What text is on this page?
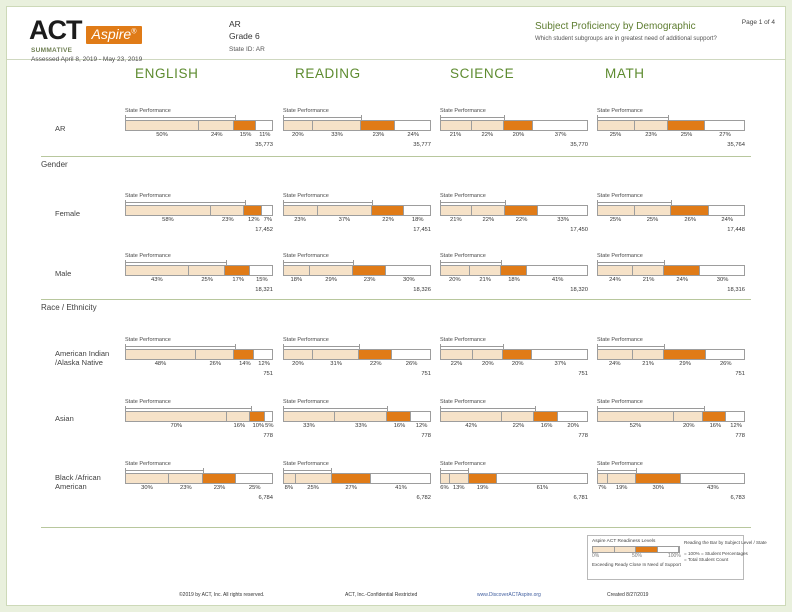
ACT Aspire®
SUMMATIVE
Assessed April 8, 2019 - May 23, 2019
AR
Grade 6
State ID: AR
Subject Proficiency by Demographic
Which student subgroups are in greatest need of additional support?
Page 1 of 4
ENGLISH	READING	SCIENCE	MATH
AR
State Performance
50%	24%	15% 11%
35,773
State Performance
20%	33%	23%	24%
35,777
State Performance
21%	22%	20%	37%
35,770
State Performance
25%	23%	25%	27%
35,764
Gender
Female
State Performance
58%	23% 12% 7%
17,452
State Performance
23%	37%	22%	18%
17,451
State Performance
21%	22%	22%	33%
17,450
State Performance
25%	25%	26%	24%
17,448
Male
State Performance
43%	25%	17% 15%
18,321
State Performance
18%	29%	23%	30%
18,326
State Performance
20%	21%	18%	41%
18,320
State Performance
24%	21%	24%	30%
18,316
Race / Ethnicity
American Indian
/Alaska Native
State Performance
48%	26%	14% 12%
751
State Performance
20%	31%	22%	26%
751
State Performance
22%	20%	20%	37%
751
State Performance
24%	21%	29%	26%
751
Asian
State Performance
70%	16% 10% 5%
778
State Performance
33%	33%	16% 12%
778
State Performance
42%	22%	16%	20%
778
State Performance
52%	20%	16% 12%
778
Black /African
American
State Performance
30%	23%	23%	25%
6,784
State Performance
8% 25%	27%	41%
6,782
State Performance
6% 13% 19%	61%
6,781
State Performance
7% 19%	30%	43%
6,783
Aspire ACT Readiness Levels
0%	50%	100%
Exceeding Ready Close In Need of Support
Reading the Bar by Subject Level / State
= 100% = Student Percentages
= Total Student Count
©2019 by ACT, Inc. All rights reserved.	ACT, Inc.-Confidential Restricted	www.DiscoverACTAspire.org	Created 8/27/2019
